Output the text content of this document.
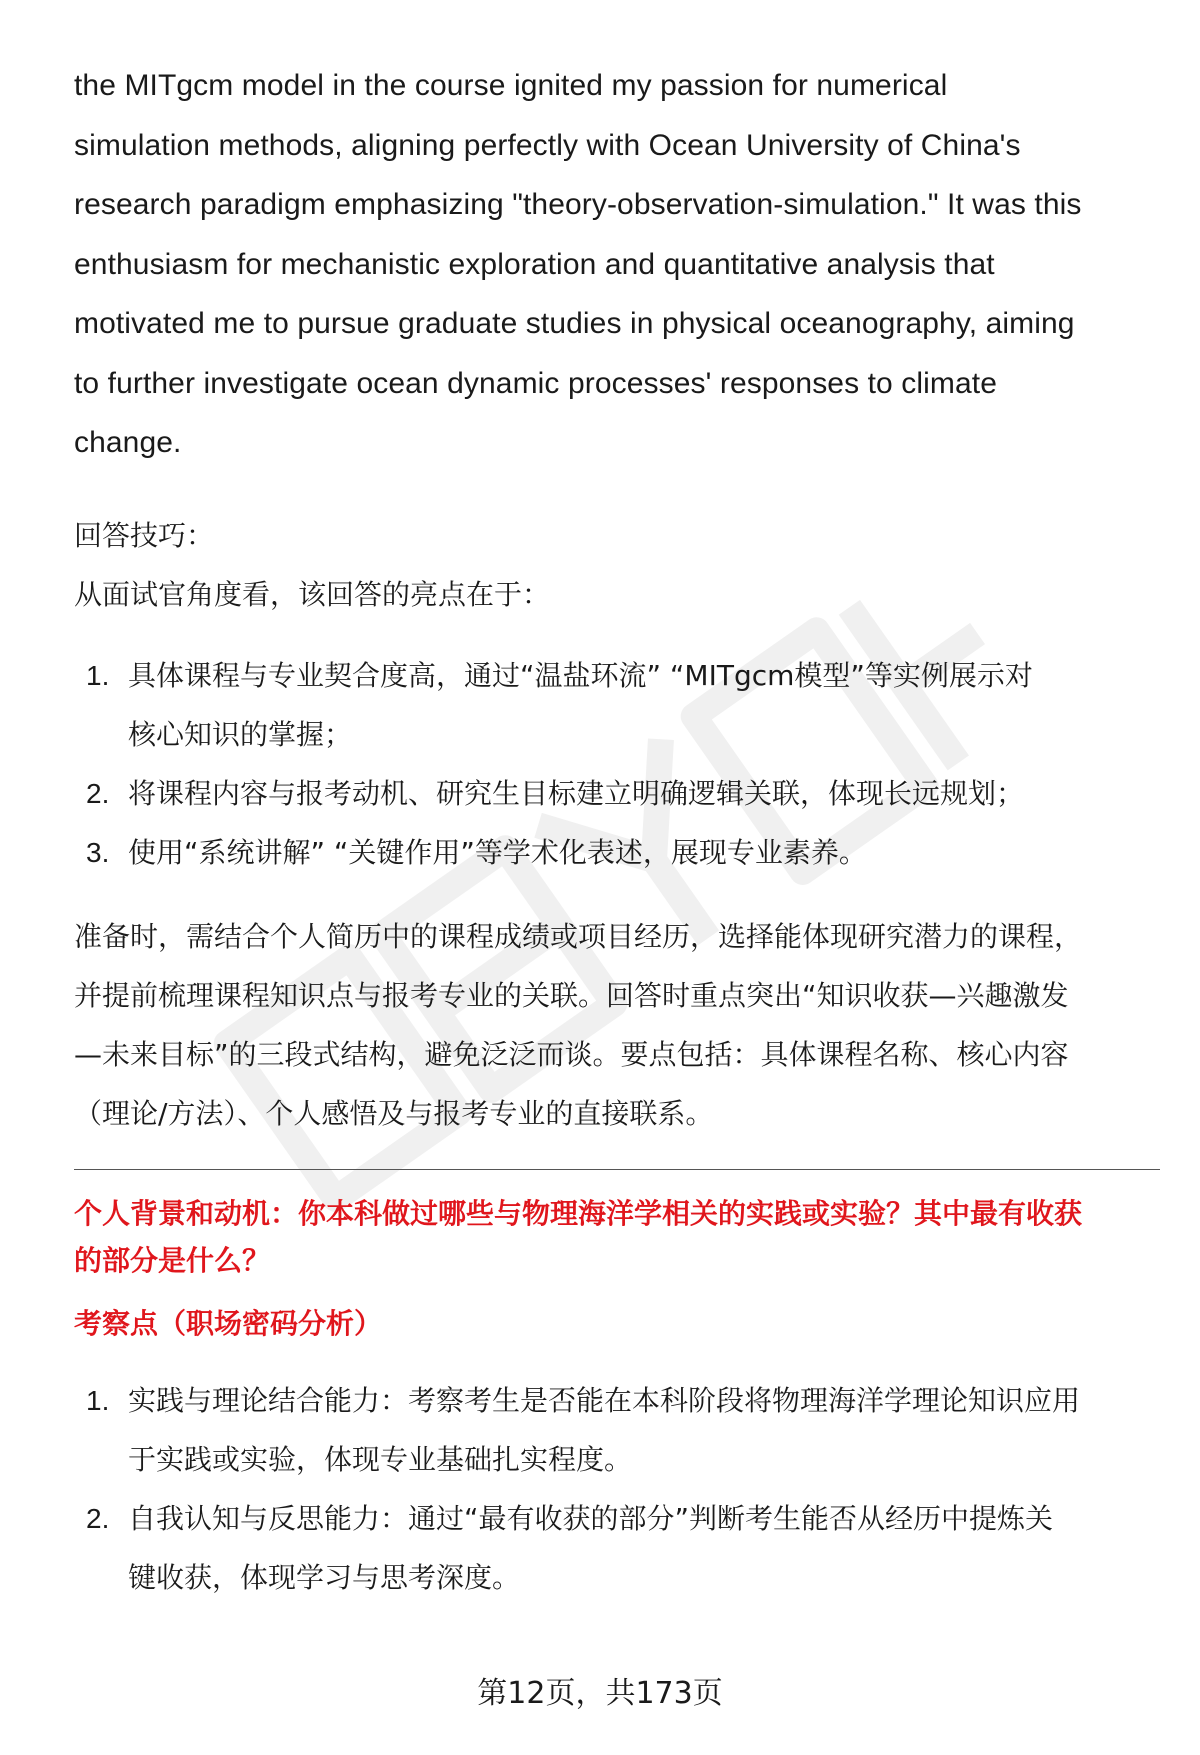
the MITgcm model in the course ignited my passion for numerical

simulation methods, aligning perfectly with Ocean University of China's

research paradigm emphasizing "theory-observation-simulation." It was this

enthusiasm for mechanistic exploration and quantitative analysis that

motivated me to pursue graduate studies in physical oceanography, aiming

to further investigate ocean dynamic processes' responses to climate

change.

回答技巧：

从面试官角度看，该回答的亮点在于：

1. 具体课程与专业契合度高，通过“温盐环流” “MITgcm模型”等实例展示对
核心知识的掌握；
2. 将课程内容与报考动机、研究生目标建立明确逻辑关联，体现长远规划；
3. 使用“系统讲解” “关键作用”等学术化表述，展现专业素养。

准备时，需结合个人简历中的课程成绩或项目经历，选择能体现研究潜力的课程，

并提前梳理课程知识点与报考专业的关联。回答时重点突出“知识收获—兴趣激发

—未来目标”的三段式结构，避免泛泛而谈。要点包括：具体课程名称、核心内容

（理论/方法）、个人感悟及与报考专业的直接联系。

个人背景和动机：你本科做过哪些与物理海洋学相关的实践或实验？其中最有收获

的部分是什么？

考察点（职场密码分析）

1. 实践与理论结合能力：考察考生是否能在本科阶段将物理海洋学理论知识应用
于实践或实验，体现专业基础扎实程度。
2. 自我认知与反思能力：通过“最有收获的部分”判断考生能否从经历中提炼关
键收获，体现学习与思考深度。
第12页，共173页
